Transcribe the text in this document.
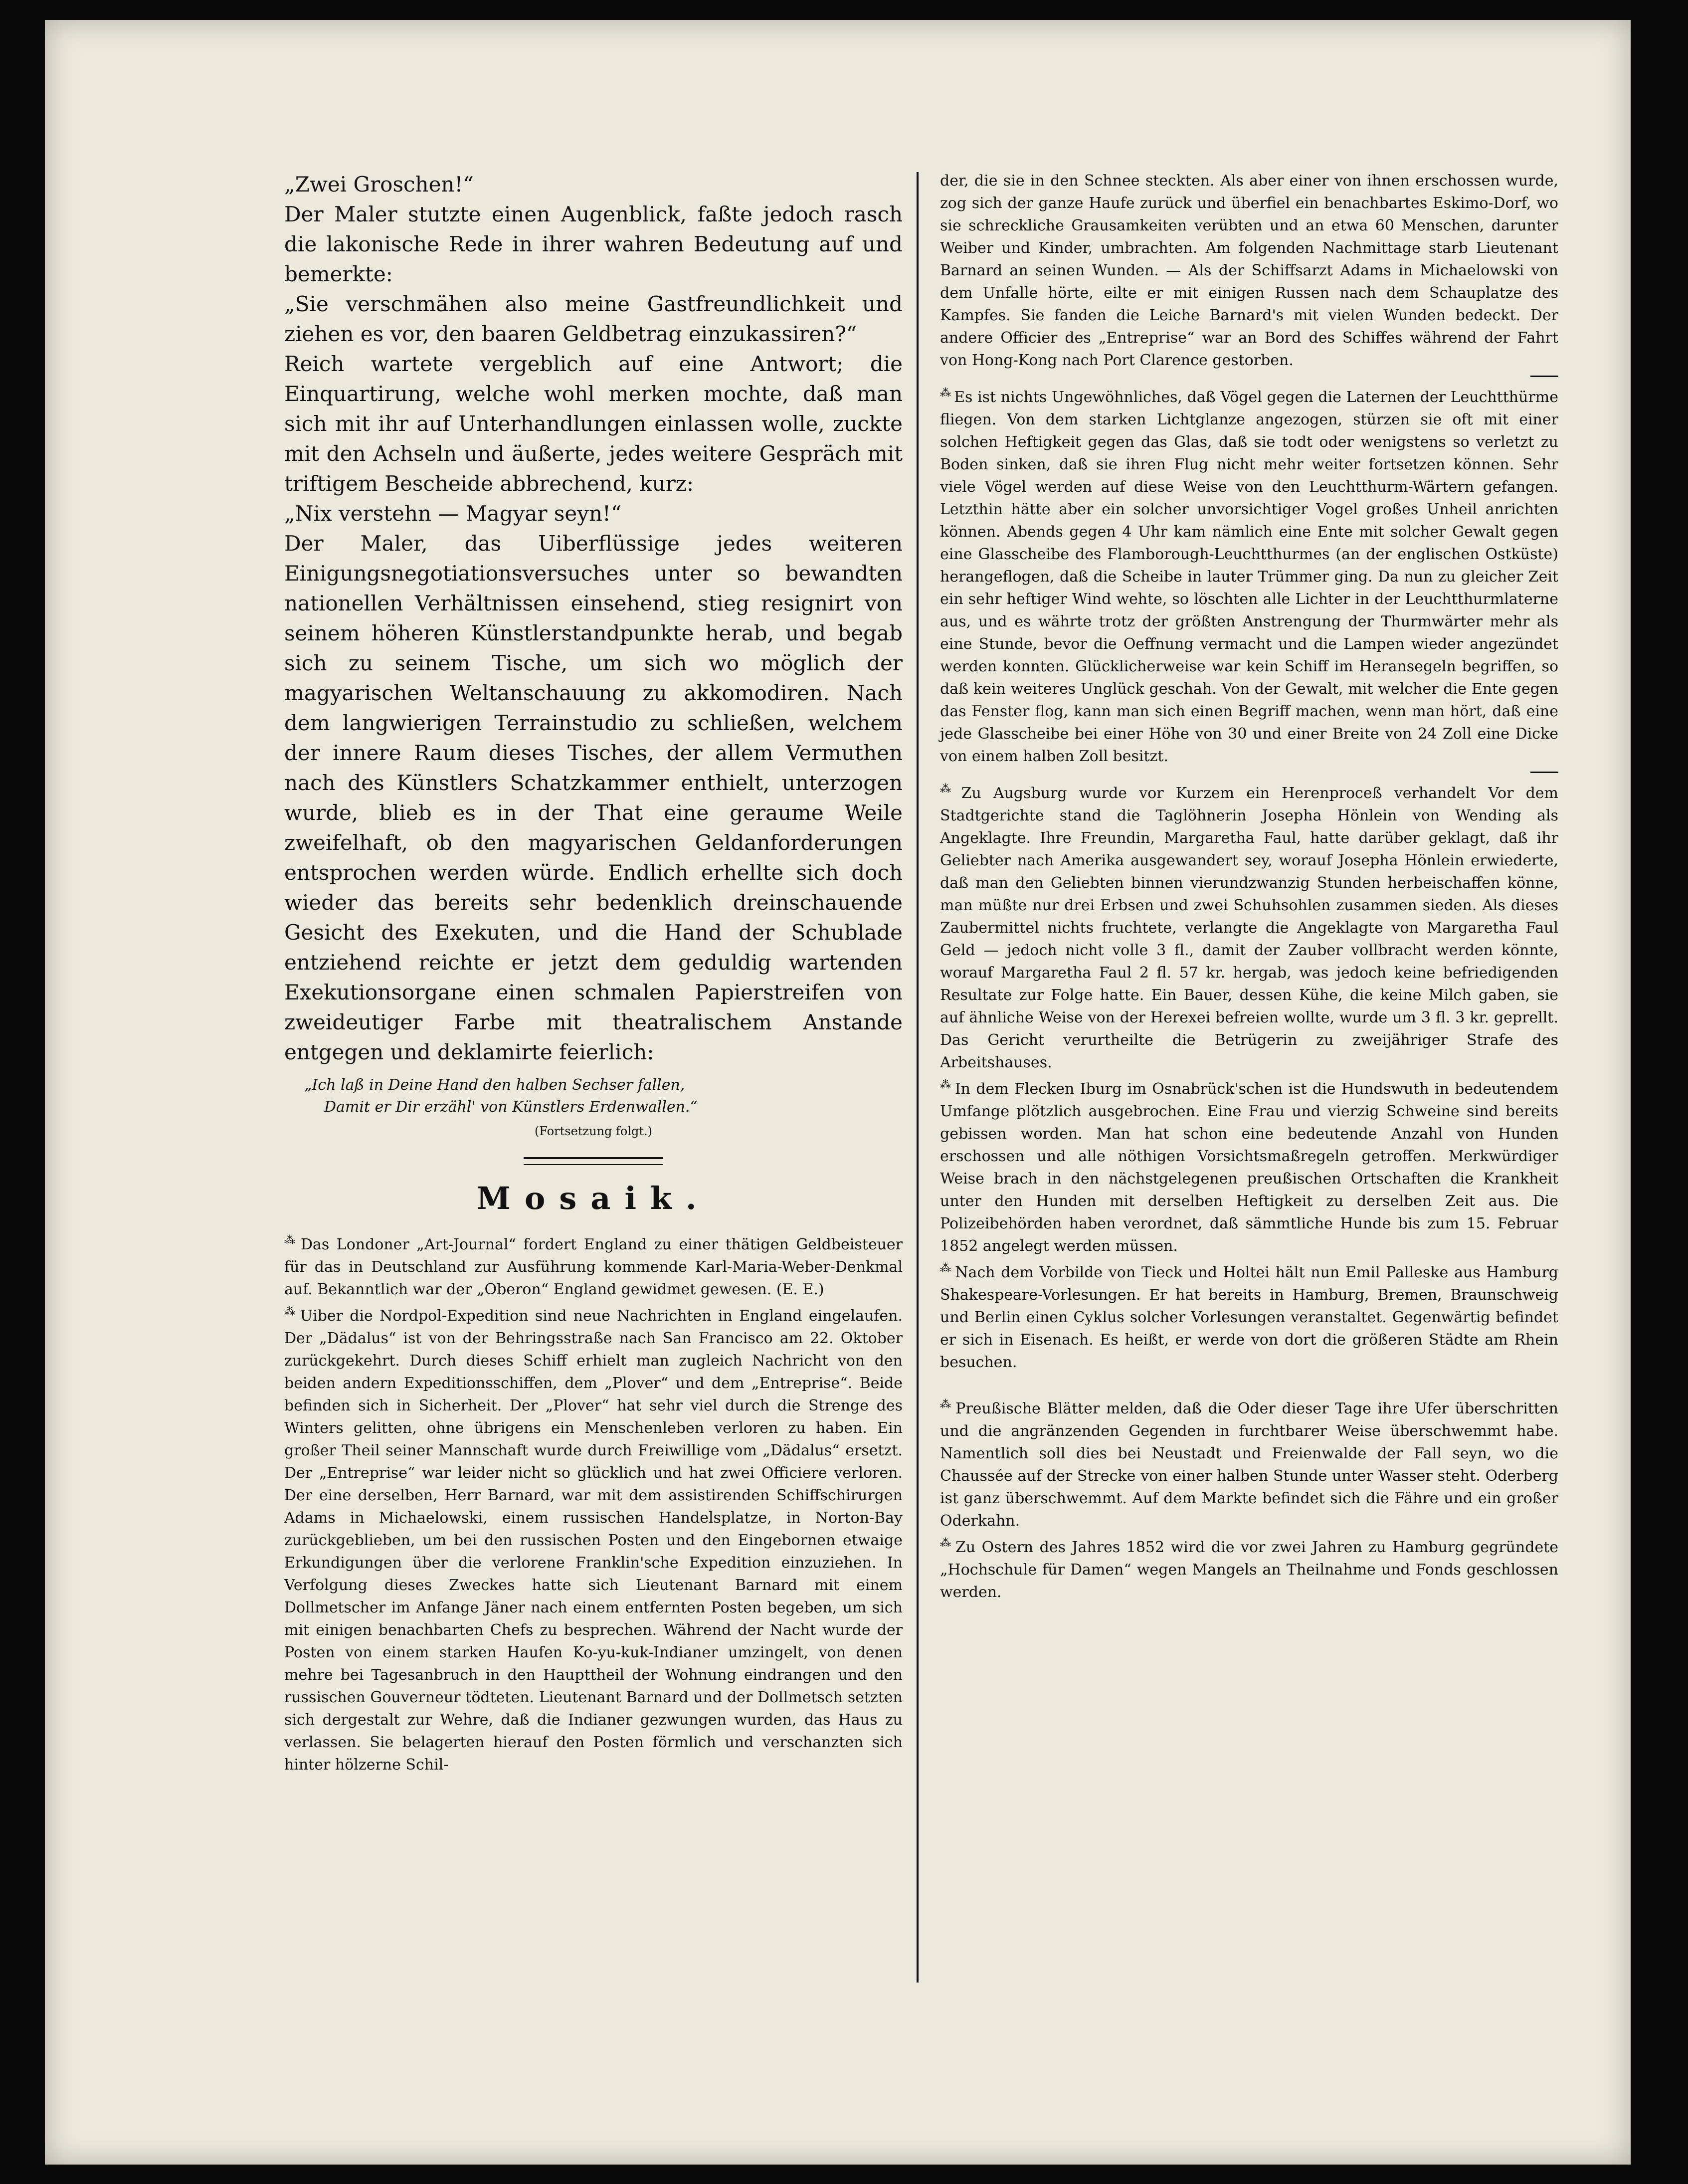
„Zwei Groschen!“

Der Maler stutzte einen Augenblick, faßte jedoch rasch die lakonische Rede in ihrer wahren Bedeutung auf und bemerkte:

„Sie verschmähen also meine Gastfreundlichkeit und ziehen es vor, den baaren Geldbetrag einzukassiren?“

Reich wartete vergeblich auf eine Antwort; die Einquartirung, welche wohl merken mochte, daß man sich mit ihr auf Unterhandlungen einlassen wolle, zuckte mit den Achseln und äußerte, jedes weitere Gespräch mit triftigem Bescheide abbrechend, kurz:

„Nix verstehn — Magyar seyn!“

Der Maler, das Uiberflüssige jedes weiteren Einigungsnegotiationsversuches unter so bewandten nationellen Verhältnissen einsehend, stieg resignirt von seinem höheren Künstlerstandpunkte herab, und begab sich zu seinem Tische, um sich wo möglich der magyarischen Weltanschauung zu akkomodiren. Nach dem langwierigen Terrainstudio zu schließen, welchem der innere Raum dieses Tisches, der allem Vermuthen nach des Künstlers Schatzkammer enthielt, unterzogen wurde, blieb es in der That eine geraume Weile zweifelhaft, ob den magyarischen Geldanforderungen entsprochen werden würde. Endlich erhellte sich doch wieder das bereits sehr bedenklich dreinschauende Gesicht des Exekuten, und die Hand der Schublade entziehend reichte er jetzt dem geduldig wartenden Exekutionsorgane einen schmalen Papierstreifen von zweideutiger Farbe mit theatralischem Anstande entgegen und deklamirte feierlich:

„Ich laß in Deine Hand den halben Sechser fallen,

Damit er Dir erzähl' von Künstlers Erdenwallen.“

(Fortsetzung folgt.)

Mosaik.

⁂ Das Londoner „Art-Journal“ fordert England zu einer thätigen Geldbeisteuer für das in Deutschland zur Ausführung kommende Karl-Maria-Weber-Denkmal auf. Bekanntlich war der „Oberon“ England gewidmet gewesen. (E. E.)

⁂ Uiber die Nordpol-Expedition sind neue Nachrichten in England eingelaufen. Der „Dädalus“ ist von der Behringsstraße nach San Francisco am 22. Oktober zurückgekehrt. Durch dieses Schiff erhielt man zugleich Nachricht von den beiden andern Expeditionsschiffen, dem „Plover“ und dem „Entreprise“. Beide befinden sich in Sicherheit. Der „Plover“ hat sehr viel durch die Strenge des Winters gelitten, ohne übrigens ein Menschenleben verloren zu haben. Ein großer Theil seiner Mannschaft wurde durch Freiwillige vom „Dädalus“ ersetzt. Der „Entreprise“ war leider nicht so glücklich und hat zwei Officiere verloren. Der eine derselben, Herr Barnard, war mit dem assistirenden Schiffschirurgen Adams in Michaelowski, einem russischen Handelsplatze, in Norton-Bay zurückgeblieben, um bei den russischen Posten und den Eingebornen etwaige Erkundigungen über die verlorene Franklin'sche Expedition einzuziehen. In Verfolgung dieses Zweckes hatte sich Lieutenant Barnard mit einem Dollmetscher im Anfange Jäner nach einem entfernten Posten begeben, um sich mit einigen benachbarten Chefs zu besprechen. Während der Nacht wurde der Posten von einem starken Haufen Ko-yu-kuk-Indianer umzingelt, von denen mehre bei Tagesanbruch in den Haupttheil der Wohnung eindrangen und den russischen Gouverneur tödteten. Lieutenant Barnard und der Dollmetsch setzten sich dergestalt zur Wehre, daß die Indianer gezwungen wurden, das Haus zu verlassen. Sie belagerten hierauf den Posten förmlich und verschanzten sich hinter hölzerne Schil-

der, die sie in den Schnee steckten. Als aber einer von ihnen erschossen wurde, zog sich der ganze Haufe zurück und überfiel ein benachbartes Eskimo-Dorf, wo sie schreckliche Grausamkeiten verübten und an etwa 60 Menschen, darunter Weiber und Kinder, umbrachten. Am folgenden Nachmittage starb Lieutenant Barnard an seinen Wunden. — Als der Schiffsarzt Adams in Michaelowski von dem Unfalle hörte, eilte er mit einigen Russen nach dem Schauplatze des Kampfes. Sie fanden die Leiche Barnard's mit vielen Wunden bedeckt. Der andere Officier des „Entreprise“ war an Bord des Schiffes während der Fahrt von Hong-Kong nach Port Clarence gestorben.

⁂ Es ist nichts Ungewöhnliches, daß Vögel gegen die Laternen der Leuchtthürme fliegen. Von dem starken Lichtglanze angezogen, stürzen sie oft mit einer solchen Heftigkeit gegen das Glas, daß sie todt oder wenigstens so verletzt zu Boden sinken, daß sie ihren Flug nicht mehr weiter fortsetzen können. Sehr viele Vögel werden auf diese Weise von den Leuchtthurm-Wärtern gefangen. Letzthin hätte aber ein solcher unvorsichtiger Vogel großes Unheil anrichten können. Abends gegen 4 Uhr kam nämlich eine Ente mit solcher Gewalt gegen eine Glasscheibe des Flamborough-Leuchtthurmes (an der englischen Ostküste) herangeflogen, daß die Scheibe in lauter Trümmer ging. Da nun zu gleicher Zeit ein sehr heftiger Wind wehte, so löschten alle Lichter in der Leuchtthurmlaterne aus, und es währte trotz der größten Anstrengung der Thurmwärter mehr als eine Stunde, bevor die Oeffnung vermacht und die Lampen wieder angezündet werden konnten. Glücklicherweise war kein Schiff im Heransegeln begriffen, so daß kein weiteres Unglück geschah. Von der Gewalt, mit welcher die Ente gegen das Fenster flog, kann man sich einen Begriff machen, wenn man hört, daß eine jede Glasscheibe bei einer Höhe von 30 und einer Breite von 24 Zoll eine Dicke von einem halben Zoll besitzt.

⁂ Zu Augsburg wurde vor Kurzem ein Herenproceß verhandelt Vor dem Stadtgerichte stand die Taglöhnerin Josepha Hönlein von Wending als Angeklagte. Ihre Freundin, Margaretha Faul, hatte darüber geklagt, daß ihr Geliebter nach Amerika ausgewandert sey, worauf Josepha Hönlein erwiederte, daß man den Geliebten binnen vierundzwanzig Stunden herbeischaffen könne, man müßte nur drei Erbsen und zwei Schuhsohlen zusammen sieden. Als dieses Zaubermittel nichts fruchtete, verlangte die Angeklagte von Margaretha Faul Geld — jedoch nicht volle 3 fl., damit der Zauber vollbracht werden könnte, worauf Margaretha Faul 2 fl. 57 kr. hergab, was jedoch keine befriedigenden Resultate zur Folge hatte. Ein Bauer, dessen Kühe, die keine Milch gaben, sie auf ähnliche Weise von der Herexei befreien wollte, wurde um 3 fl. 3 kr. geprellt. Das Gericht verurtheilte die Betrügerin zu zweijähriger Strafe des Arbeitshauses.

⁂ In dem Flecken Iburg im Osnabrück'schen ist die Hundswuth in bedeutendem Umfange plötzlich ausgebrochen. Eine Frau und vierzig Schweine sind bereits gebissen worden. Man hat schon eine bedeutende Anzahl von Hunden erschossen und alle nöthigen Vorsichtsmaßregeln getroffen. Merkwürdiger Weise brach in den nächstgelegenen preußischen Ortschaften die Krankheit unter den Hunden mit derselben Heftigkeit zu derselben Zeit aus. Die Polizeibehörden haben verordnet, daß sämmtliche Hunde bis zum 15. Februar 1852 angelegt werden müssen.

⁂ Nach dem Vorbilde von Tieck und Holtei hält nun Emil Palleske aus Hamburg Shakespeare-Vorlesungen. Er hat bereits in Hamburg, Bremen, Braunschweig und Berlin einen Cyklus solcher Vorlesungen veranstaltet. Gegenwärtig befindet er sich in Eisenach. Es heißt, er werde von dort die größeren Städte am Rhein besuchen.

⁂ Preußische Blätter melden, daß die Oder dieser Tage ihre Ufer überschritten und die angränzenden Gegenden in furchtbarer Weise überschwemmt habe. Namentlich soll dies bei Neustadt und Freienwalde der Fall seyn, wo die Chaussée auf der Strecke von einer halben Stunde unter Wasser steht. Oderberg ist ganz überschwemmt. Auf dem Markte befindet sich die Fähre und ein großer Oderkahn.

⁂ Zu Ostern des Jahres 1852 wird die vor zwei Jahren zu Hamburg gegründete „Hochschule für Damen“ wegen Mangels an Theilnahme und Fonds geschlossen werden.
